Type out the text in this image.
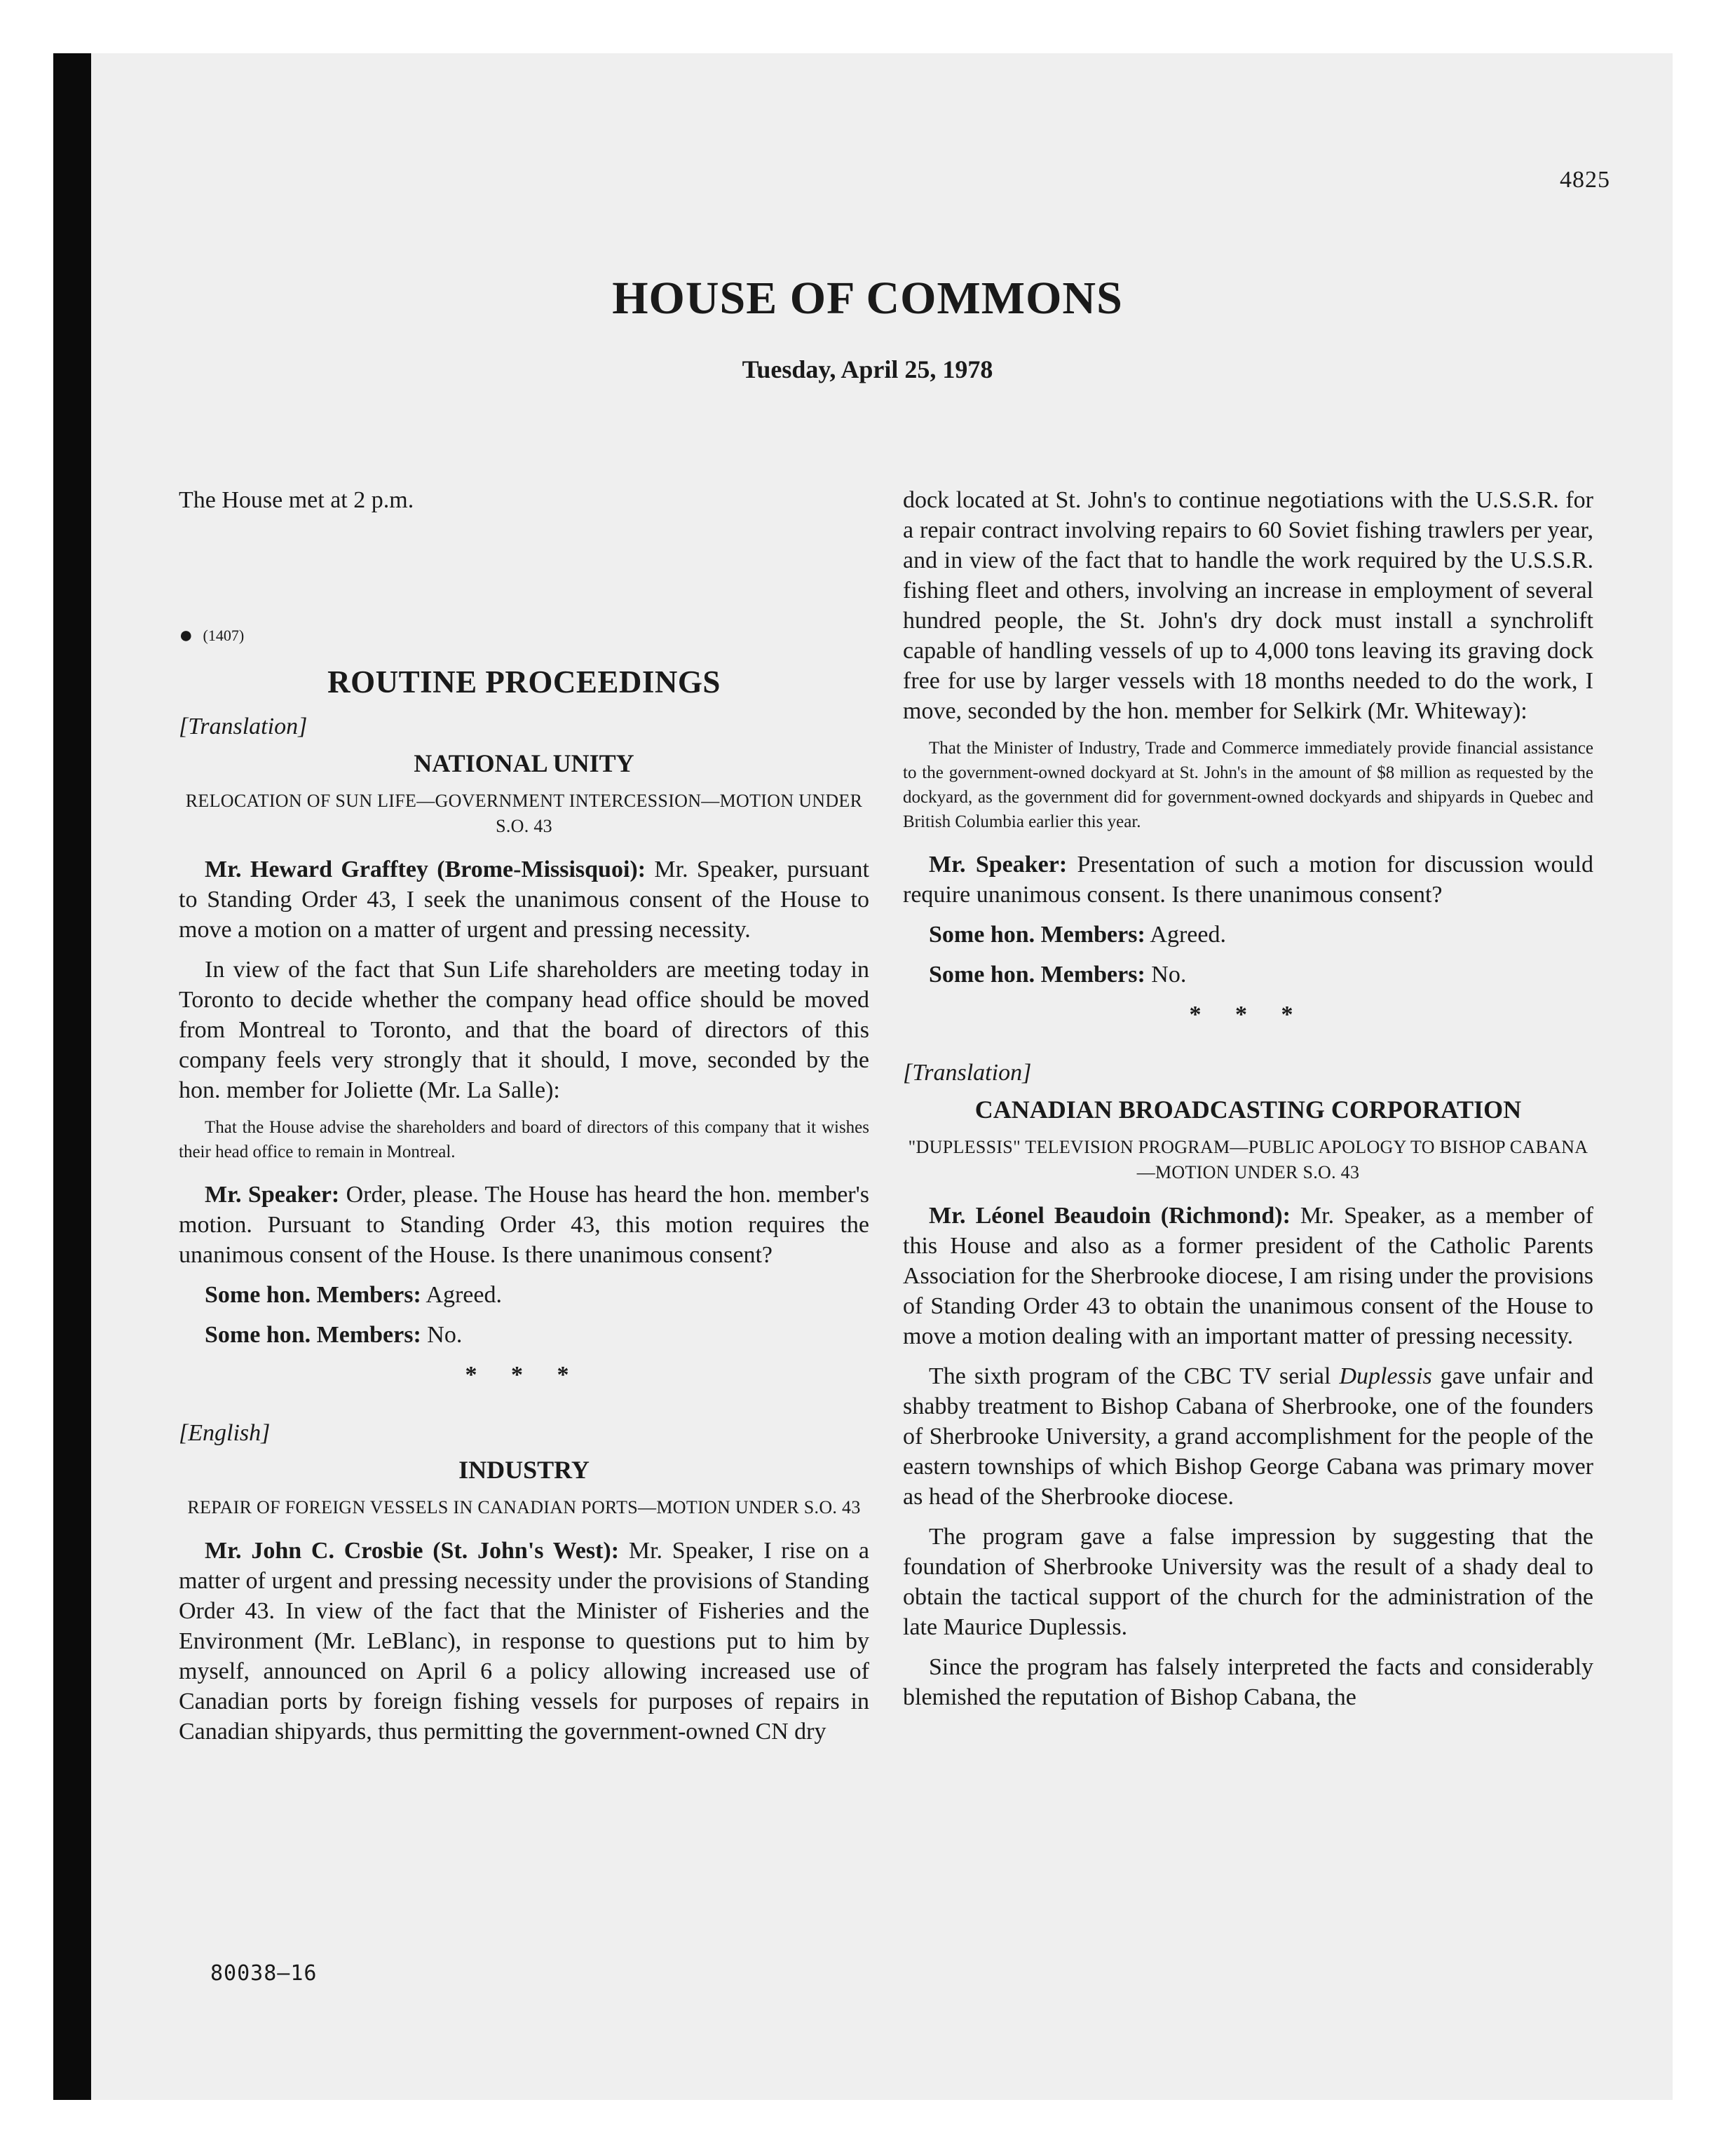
4825
HOUSE OF COMMONS
Tuesday, April 25, 1978

The House met at 2 p.m.

● (1407)
ROUTINE PROCEEDINGS
[Translation]
NATIONAL UNITY
RELOCATION OF SUN LIFE—GOVERNMENT INTERCESSION—MOTION UNDER S.O. 43

Mr. Heward Grafftey (Brome-Missisquoi): Mr. Speaker, pursuant to Standing Order 43, I seek the unanimous consent of the House to move a motion on a matter of urgent and pressing necessity.

In view of the fact that Sun Life shareholders are meeting today in Toronto to decide whether the company head office should be moved from Montreal to Toronto, and that the board of directors of this company feels very strongly that it should, I move, seconded by the hon. member for Joliette (Mr. La Salle):

That the House advise the shareholders and board of directors of this company that it wishes their head office to remain in Montreal.

Mr. Speaker: Order, please. The House has heard the hon. member's motion. Pursuant to Standing Order 43, this motion requires the unanimous consent of the House. Is there unanimous consent?

Some hon. Members: Agreed.

Some hon. Members: No.

* * *
[English]
INDUSTRY
REPAIR OF FOREIGN VESSELS IN CANADIAN PORTS—MOTION UNDER S.O. 43

Mr. John C. Crosbie (St. John's West): Mr. Speaker, I rise on a matter of urgent and pressing necessity under the provisions of Standing Order 43. In view of the fact that the Minister of Fisheries and the Environment (Mr. LeBlanc), in response to questions put to him by myself, announced on April 6 a policy allowing increased use of Canadian ports by foreign fishing vessels for purposes of repairs in Canadian shipyards, thus permitting the government-owned CN dry

dock located at St. John's to continue negotiations with the U.S.S.R. for a repair contract involving repairs to 60 Soviet fishing trawlers per year, and in view of the fact that to handle the work required by the U.S.S.R. fishing fleet and others, involving an increase in employment of several hundred people, the St. John's dry dock must install a synchrolift capable of handling vessels of up to 4,000 tons leaving its graving dock free for use by larger vessels with 18 months needed to do the work, I move, seconded by the hon. member for Selkirk (Mr. Whiteway):

That the Minister of Industry, Trade and Commerce immediately provide financial assistance to the government-owned dockyard at St. John's in the amount of $8 million as requested by the dockyard, as the government did for government-owned dockyards and shipyards in Quebec and British Columbia earlier this year.

Mr. Speaker: Presentation of such a motion for discussion would require unanimous consent. Is there unanimous consent?

Some hon. Members: Agreed.

Some hon. Members: No.

* * *
[Translation]
CANADIAN BROADCASTING CORPORATION
"DUPLESSIS" TELEVISION PROGRAM—PUBLIC APOLOGY TO BISHOP CABANA—MOTION UNDER S.O. 43

Mr. Léonel Beaudoin (Richmond): Mr. Speaker, as a member of this House and also as a former president of the Catholic Parents Association for the Sherbrooke diocese, I am rising under the provisions of Standing Order 43 to obtain the unanimous consent of the House to move a motion dealing with an important matter of pressing necessity.

The sixth program of the CBC TV serial Duplessis gave unfair and shabby treatment to Bishop Cabana of Sherbrooke, one of the founders of Sherbrooke University, a grand accomplishment for the people of the eastern townships of which Bishop George Cabana was primary mover as head of the Sherbrooke diocese.

The program gave a false impression by suggesting that the foundation of Sherbrooke University was the result of a shady deal to obtain the tactical support of the church for the administration of the late Maurice Duplessis.

Since the program has falsely interpreted the facts and considerably blemished the reputation of Bishop Cabana, the

80038—16
